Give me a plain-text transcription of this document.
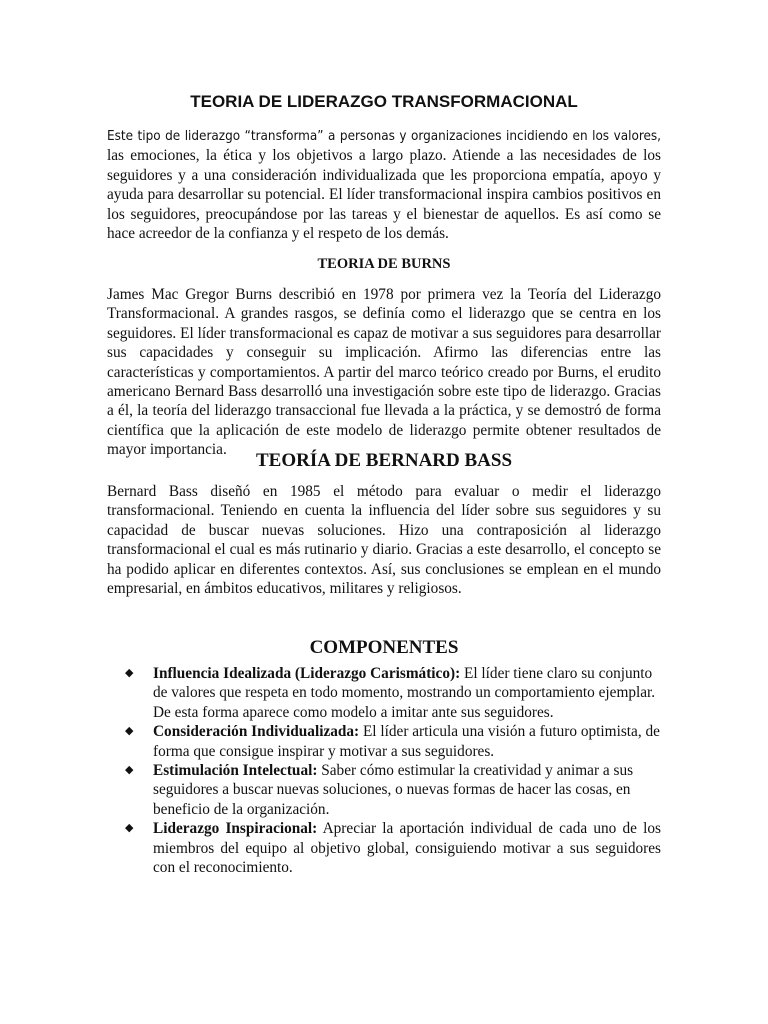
TEORIA DE LIDERAZGO TRANSFORMACIONAL

Este tipo de liderazgo “transforma” a personas y organizaciones incidiendo en los valores, las emociones, la ética y los objetivos a largo plazo. Atiende a las necesidades de los seguidores y a una consideración individualizada que les proporciona empatía, apoyo y ayuda para desarrollar su potencial. El líder transformacional inspira cambios positivos en los seguidores, preocupándose por las tareas y el bienestar de aquellos. Es así como se hace acreedor de la confianza y el respeto de los demás.

TEORIA DE BURNS

James Mac Gregor Burns describió en 1978 por primera vez la Teoría del Liderazgo Transformacional. A grandes rasgos, se definía como el liderazgo que se centra en los seguidores. El líder transformacional es capaz de motivar a sus seguidores para desarrollar sus capacidades y conseguir su implicación. Afirmo las diferencias entre las características y comportamientos. A partir del marco teórico creado por Burns, el erudito americano Bernard Bass desarrolló una investigación sobre este tipo de liderazgo. Gracias a él, la teoría del liderazgo transaccional fue llevada a la práctica, y se demostró de forma científica que la aplicación de este modelo de liderazgo permite obtener resultados de mayor importancia.

TEORÍA DE BERNARD BASS

Bernard Bass diseñó en 1985 el método para evaluar o medir el liderazgo transformacional. Teniendo en cuenta la influencia del líder sobre sus seguidores y su capacidad de buscar nuevas soluciones. Hizo una contraposición al liderazgo transformacional el cual es más rutinario y diario. Gracias a este desarrollo, el concepto se ha podido aplicar en diferentes contextos. Así, sus conclusiones se emplean en el mundo empresarial, en ámbitos educativos, militares y religiosos.

COMPONENTES
◆ Influencia Idealizada (Liderazgo Carismático): El líder tiene claro su conjunto de valores que respeta en todo momento, mostrando un comportamiento ejemplar. De esta forma aparece como modelo a imitar ante sus seguidores.
◆ Consideración Individualizada: El líder articula una visión a futuro optimista, de forma que consigue inspirar y motivar a sus seguidores.
◆ Estimulación Intelectual: Saber cómo estimular la creatividad y animar a sus seguidores a buscar nuevas soluciones, o nuevas formas de hacer las cosas, en beneficio de la organización.
◆ Liderazgo Inspiracional: Apreciar la aportación individual de cada uno de los miembros del equipo al objetivo global, consiguiendo motivar a sus seguidores con el reconocimiento.
